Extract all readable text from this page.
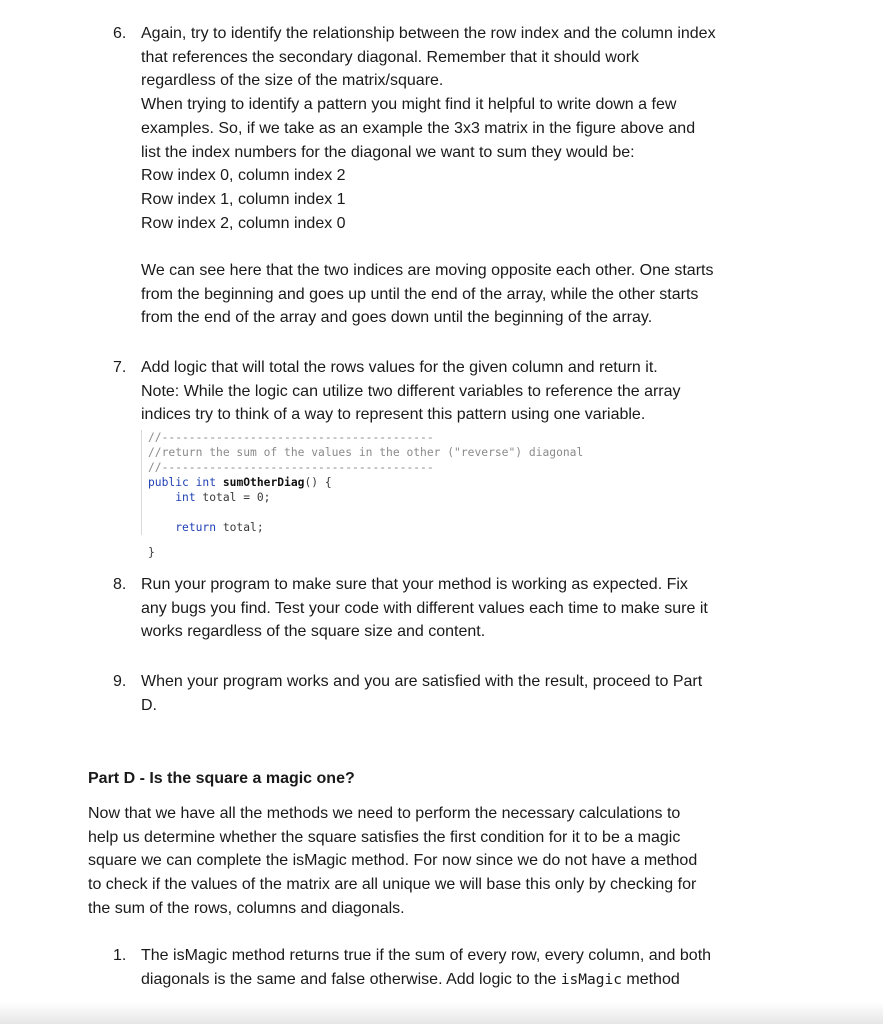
6. Again, try to identify the relationship between the row index and the column index
that references the secondary diagonal. Remember that it should work
regardless of the size of the matrix/square.
When trying to identify a pattern you might find it helpful to write down a few
examples. So, if we take as an example the 3x3 matrix in the figure above and
list the index numbers for the diagonal we want to sum they would be:
Row index 0, column index 2
Row index 1, column index 1
Row index 2, column index 0
We can see here that the two indices are moving opposite each other. One starts
from the beginning and goes up until the end of the array, while the other starts
from the end of the array and goes down until the beginning of the array.
7. Add logic that will total the rows values for the given column and return it.
Note: While the logic can utilize two different variables to reference the array
indices try to think of a way to represent this pattern using one variable.
//----------------------------------------
//return the sum of the values in the other ("reverse") diagonal
//----------------------------------------
public int sumOtherDiag() {
int total = 0;

return total;
}
8. Run your program to make sure that your method is working as expected. Fix
any bugs you find. Test your code with different values each time to make sure it
works regardless of the square size and content.
9. When your program works and you are satisfied with the result, proceed to Part
D.
Part D - Is the square a magic one?
Now that we have all the methods we need to perform the necessary calculations to
help us determine whether the square satisfies the first condition for it to be a magic
square we can complete the isMagic method. For now since we do not have a method
to check if the values of the matrix are all unique we will base this only by checking for
the sum of the rows, columns and diagonals.
1. The isMagic method returns true if the sum of every row, every column, and both
diagonals is the same and false otherwise. Add logic to the isMagic method
